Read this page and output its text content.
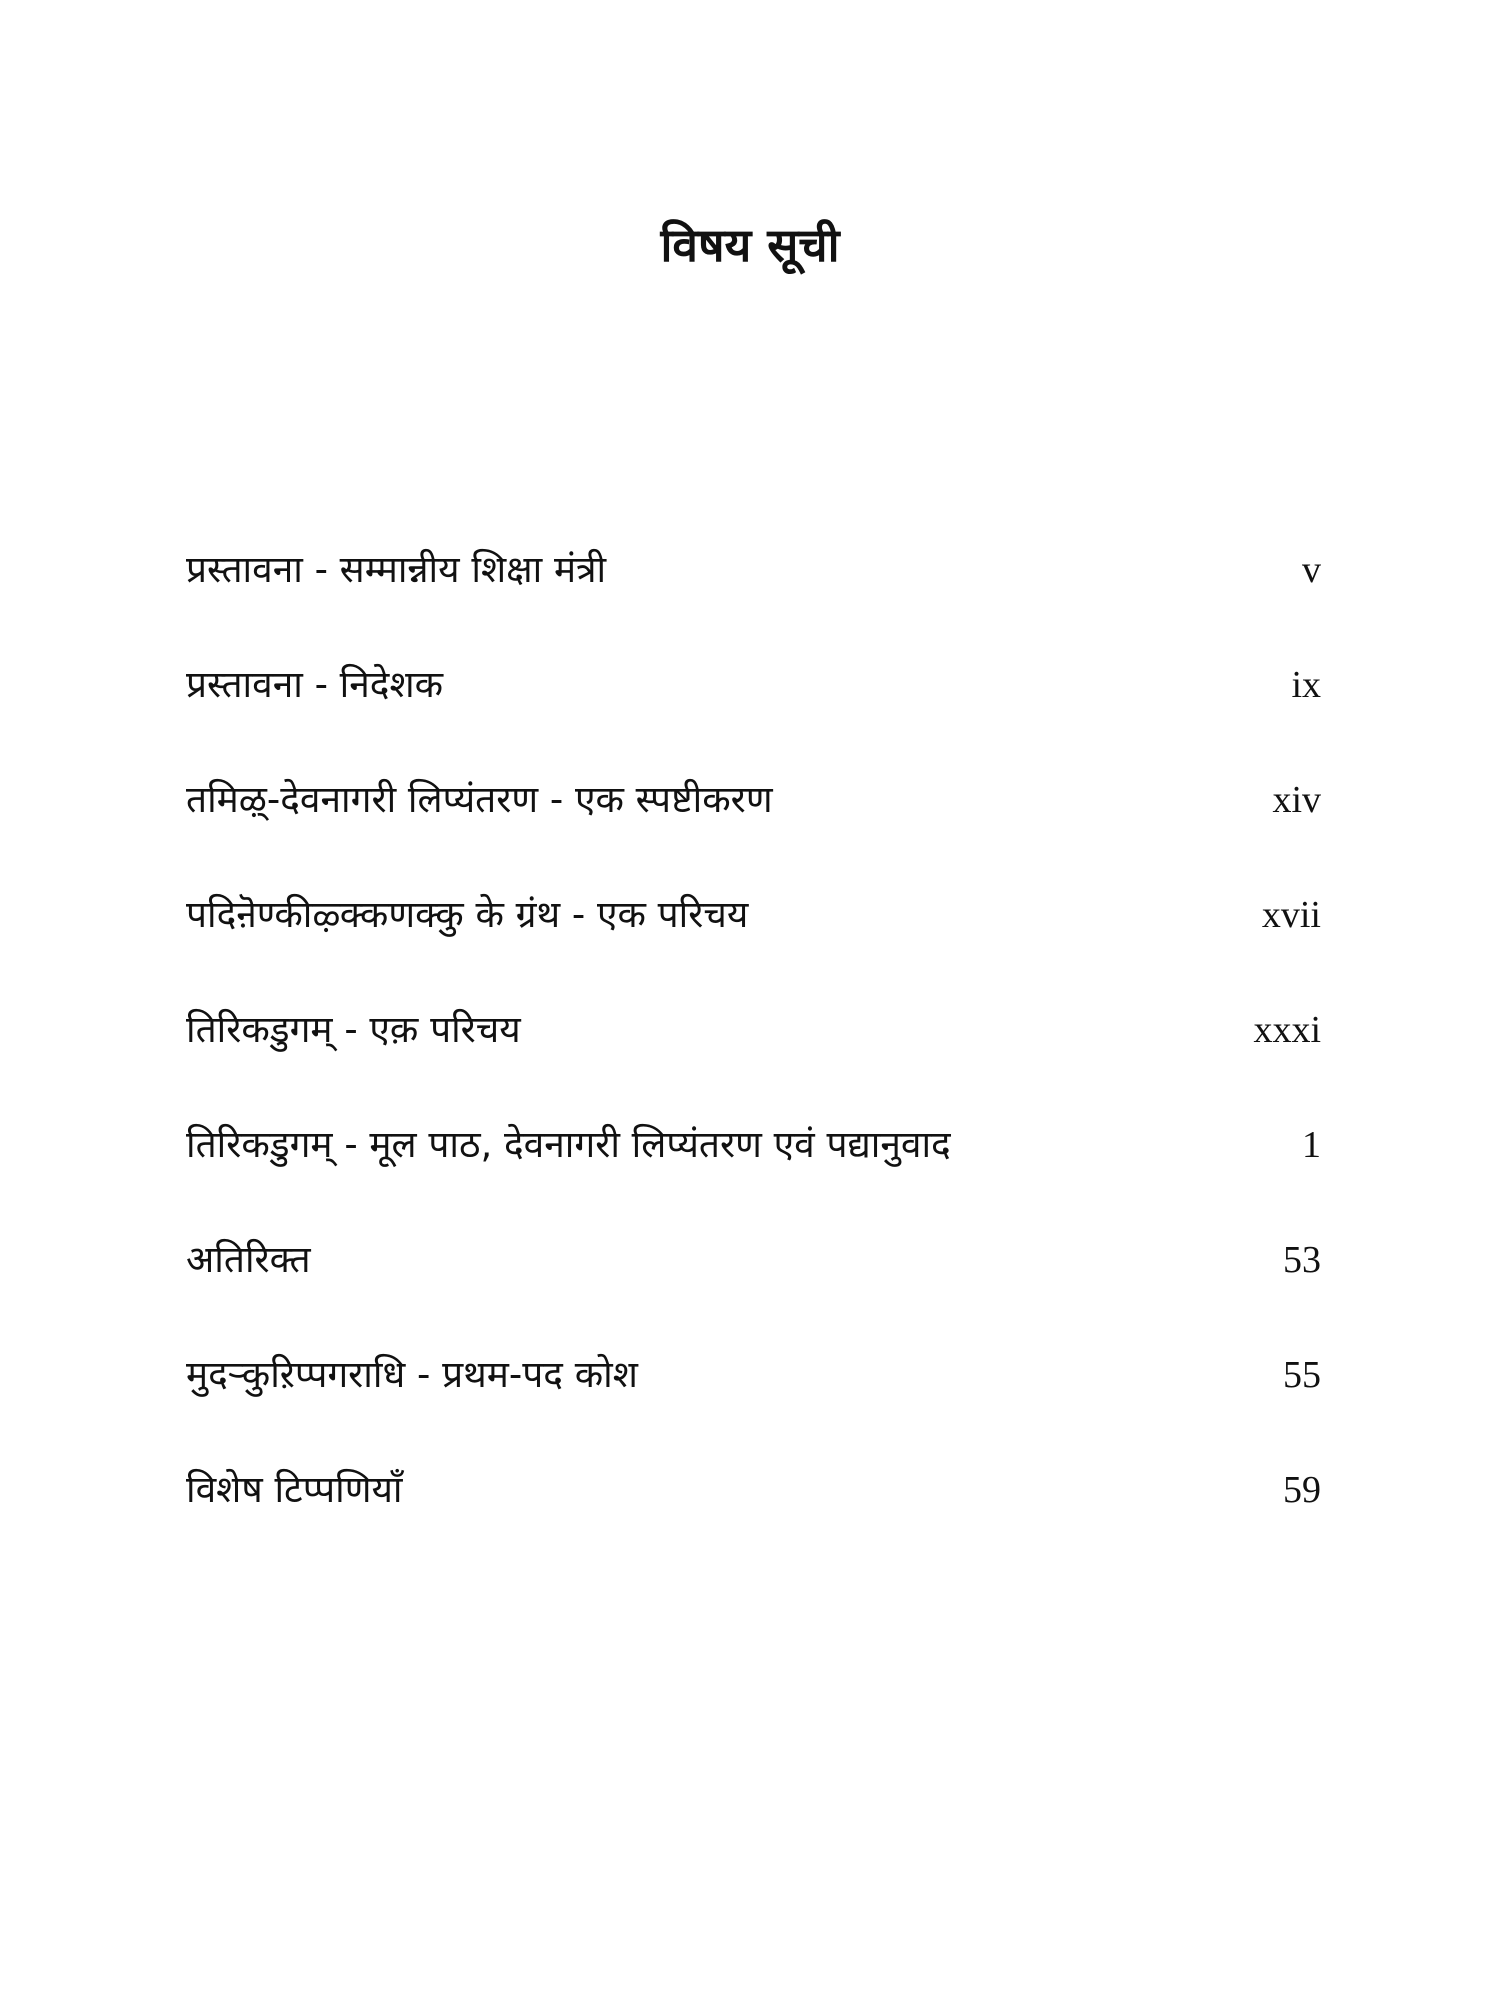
विषय सूची
प्रस्तावना - सम्मान्नीय शिक्षा मंत्री	v
प्रस्तावना - निदेशक	ix
तमिऴ्-देवनागरी लिप्यंतरण - एक स्पष्टीकरण	xiv
पदिऩॆण्कीऴ्क्कणक्कु के ग्रंथ - एक परिचय	xvii
तिरिकडुगम् - एक़ परिचय	xxxi
तिरिकडुगम् - मूल पाठ, देवनागरी लिप्यंतरण एवं पद्यानुवाद	1
अतिरिक्त	53
मुदऱ्कुऱिप्पगराधि - प्रथम-पद कोश	55
विशेष टिप्पणियाँ	59
